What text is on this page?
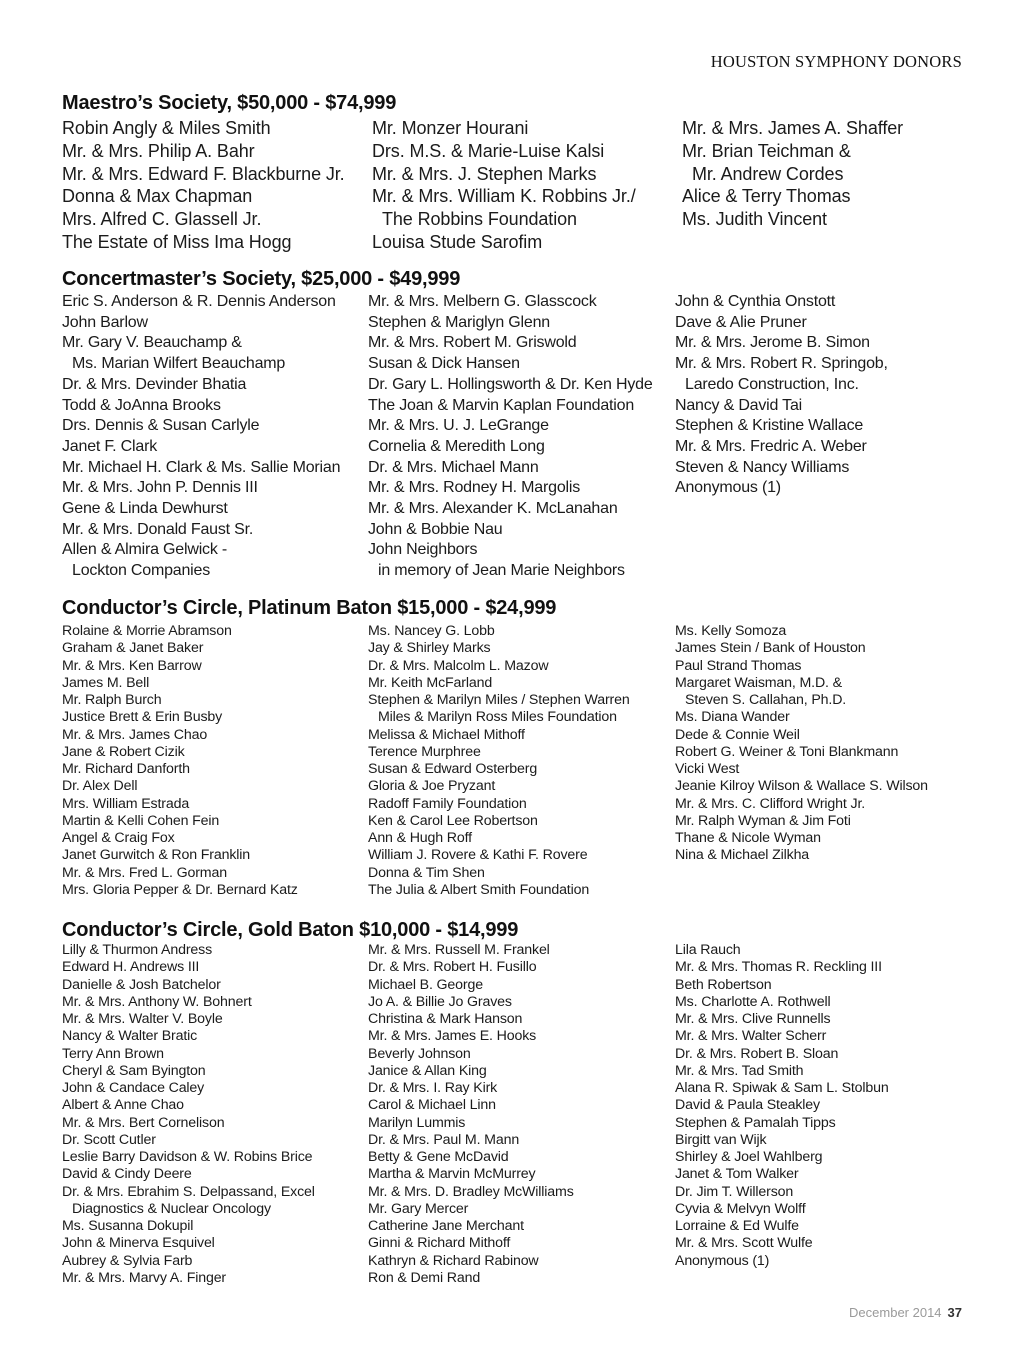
HOUSTON SYMPHONY DONORS
Maestro’s Society, $50,000 - $74,999
Robin Angly & Miles Smith
Mr. & Mrs. Philip A. Bahr
Mr. & Mrs. Edward F. Blackburne Jr.
Donna & Max Chapman
Mrs. Alfred C. Glassell Jr.
The Estate of Miss Ima Hogg
Mr. Monzer Hourani
Drs. M.S. & Marie-Luise Kalsi
Mr. & Mrs. J. Stephen Marks
Mr. & Mrs. William K. Robbins Jr./
The Robbins Foundation
Louisa Stude Sarofim
Mr. & Mrs. James A. Shaffer
Mr. Brian Teichman &
Mr. Andrew Cordes
Alice & Terry Thomas
Ms. Judith Vincent
Concertmaster’s Society, $25,000 - $49,999
Eric S. Anderson & R. Dennis Anderson
John Barlow
Mr. Gary V. Beauchamp &
Ms. Marian Wilfert Beauchamp
Dr. & Mrs. Devinder Bhatia
Todd & JoAnna Brooks
Drs. Dennis & Susan Carlyle
Janet F. Clark
Mr. Michael H. Clark & Ms. Sallie Morian
Mr. & Mrs. John P. Dennis III
Gene & Linda Dewhurst
Mr. & Mrs. Donald Faust Sr.
Allen & Almira Gelwick -
Lockton Companies
Mr. & Mrs. Melbern G. Glasscock
Stephen & Mariglyn Glenn
Mr. & Mrs. Robert M. Griswold
Susan & Dick Hansen
Dr. Gary L. Hollingsworth & Dr. Ken Hyde
The Joan & Marvin Kaplan Foundation
Mr. & Mrs. U. J. LeGrange
Cornelia & Meredith Long
Dr. & Mrs. Michael Mann
Mr. & Mrs. Rodney H. Margolis
Mr. & Mrs. Alexander K. McLanahan
John & Bobbie Nau
John Neighbors
in memory of Jean Marie Neighbors
John & Cynthia Onstott
Dave & Alie Pruner
Mr. & Mrs. Jerome B. Simon
Mr. & Mrs. Robert R. Springob,
Laredo Construction, Inc.
Nancy & David Tai
Stephen & Kristine Wallace
Mr. & Mrs. Fredric A. Weber
Steven & Nancy Williams
Anonymous (1)
Conductor’s Circle, Platinum Baton $15,000 - $24,999
Rolaine & Morrie Abramson
Graham & Janet Baker
Mr. & Mrs. Ken Barrow
James M. Bell
Mr. Ralph Burch
Justice Brett & Erin Busby
Mr. & Mrs. James Chao
Jane & Robert Cizik
Mr. Richard Danforth
Dr. Alex Dell
Mrs. William Estrada
Martin & Kelli Cohen Fein
Angel & Craig Fox
Janet Gurwitch & Ron Franklin
Mr. & Mrs. Fred L. Gorman
Mrs. Gloria Pepper & Dr. Bernard Katz
Ms. Nancey G. Lobb
Jay & Shirley Marks
Dr. & Mrs. Malcolm L. Mazow
Mr. Keith McFarland
Stephen & Marilyn Miles / Stephen Warren
Miles & Marilyn Ross Miles Foundation
Melissa & Michael Mithoff
Terence Murphree
Susan & Edward Osterberg
Gloria & Joe Pryzant
Radoff Family Foundation
Ken & Carol Lee Robertson
Ann & Hugh Roff
William J. Rovere & Kathi F. Rovere
Donna & Tim Shen
The Julia & Albert Smith Foundation
Ms. Kelly Somoza
James Stein / Bank of Houston
Paul Strand Thomas
Margaret Waisman, M.D. &
Steven S. Callahan, Ph.D.
Ms. Diana Wander
Dede & Connie Weil
Robert G. Weiner & Toni Blankmann
Vicki West
Jeanie Kilroy Wilson & Wallace S. Wilson
Mr. & Mrs. C. Clifford Wright Jr.
Mr. Ralph Wyman & Jim Foti
Thane & Nicole Wyman
Nina & Michael Zilkha
Conductor’s Circle, Gold Baton $10,000 - $14,999
Lilly & Thurmon Andress
Edward H. Andrews III
Danielle & Josh Batchelor
Mr. & Mrs. Anthony W. Bohnert
Mr. & Mrs. Walter V. Boyle
Nancy & Walter Bratic
Terry Ann Brown
Cheryl & Sam Byington
John & Candace Caley
Albert & Anne Chao
Mr. & Mrs. Bert Cornelison
Dr. Scott Cutler
Leslie Barry Davidson & W. Robins Brice
David & Cindy Deere
Dr. & Mrs. Ebrahim S. Delpassand, Excel
Diagnostics & Nuclear Oncology
Ms. Susanna Dokupil
John & Minerva Esquivel
Aubrey & Sylvia Farb
Mr. & Mrs. Marvy A. Finger
Mr. & Mrs. Russell M. Frankel
Dr. & Mrs. Robert H. Fusillo
Michael B. George
Jo A. & Billie Jo Graves
Christina & Mark Hanson
Mr. & Mrs. James E. Hooks
Beverly Johnson
Janice & Allan King
Dr. & Mrs. I. Ray Kirk
Carol & Michael Linn
Marilyn Lummis
Dr. & Mrs. Paul M. Mann
Betty & Gene McDavid
Martha & Marvin McMurrey
Mr. & Mrs. D. Bradley McWilliams
Mr. Gary Mercer
Catherine Jane Merchant
Ginni & Richard Mithoff
Kathryn & Richard Rabinow
Ron & Demi Rand
Lila Rauch
Mr. & Mrs. Thomas R. Reckling III
Beth Robertson
Ms. Charlotte A. Rothwell
Mr. & Mrs. Clive Runnells
Mr. & Mrs. Walter Scherr
Dr. & Mrs. Robert B. Sloan
Mr. & Mrs. Tad Smith
Alana R. Spiwak & Sam L. Stolbun
David & Paula Steakley
Stephen & Pamalah Tipps
Birgitt van Wijk
Shirley & Joel Wahlberg
Janet & Tom Walker
Dr. Jim T. Willerson
Cyvia & Melvyn Wolff
Lorraine & Ed Wulfe
Mr. & Mrs. Scott Wulfe
Anonymous (1)
December 2014 37
